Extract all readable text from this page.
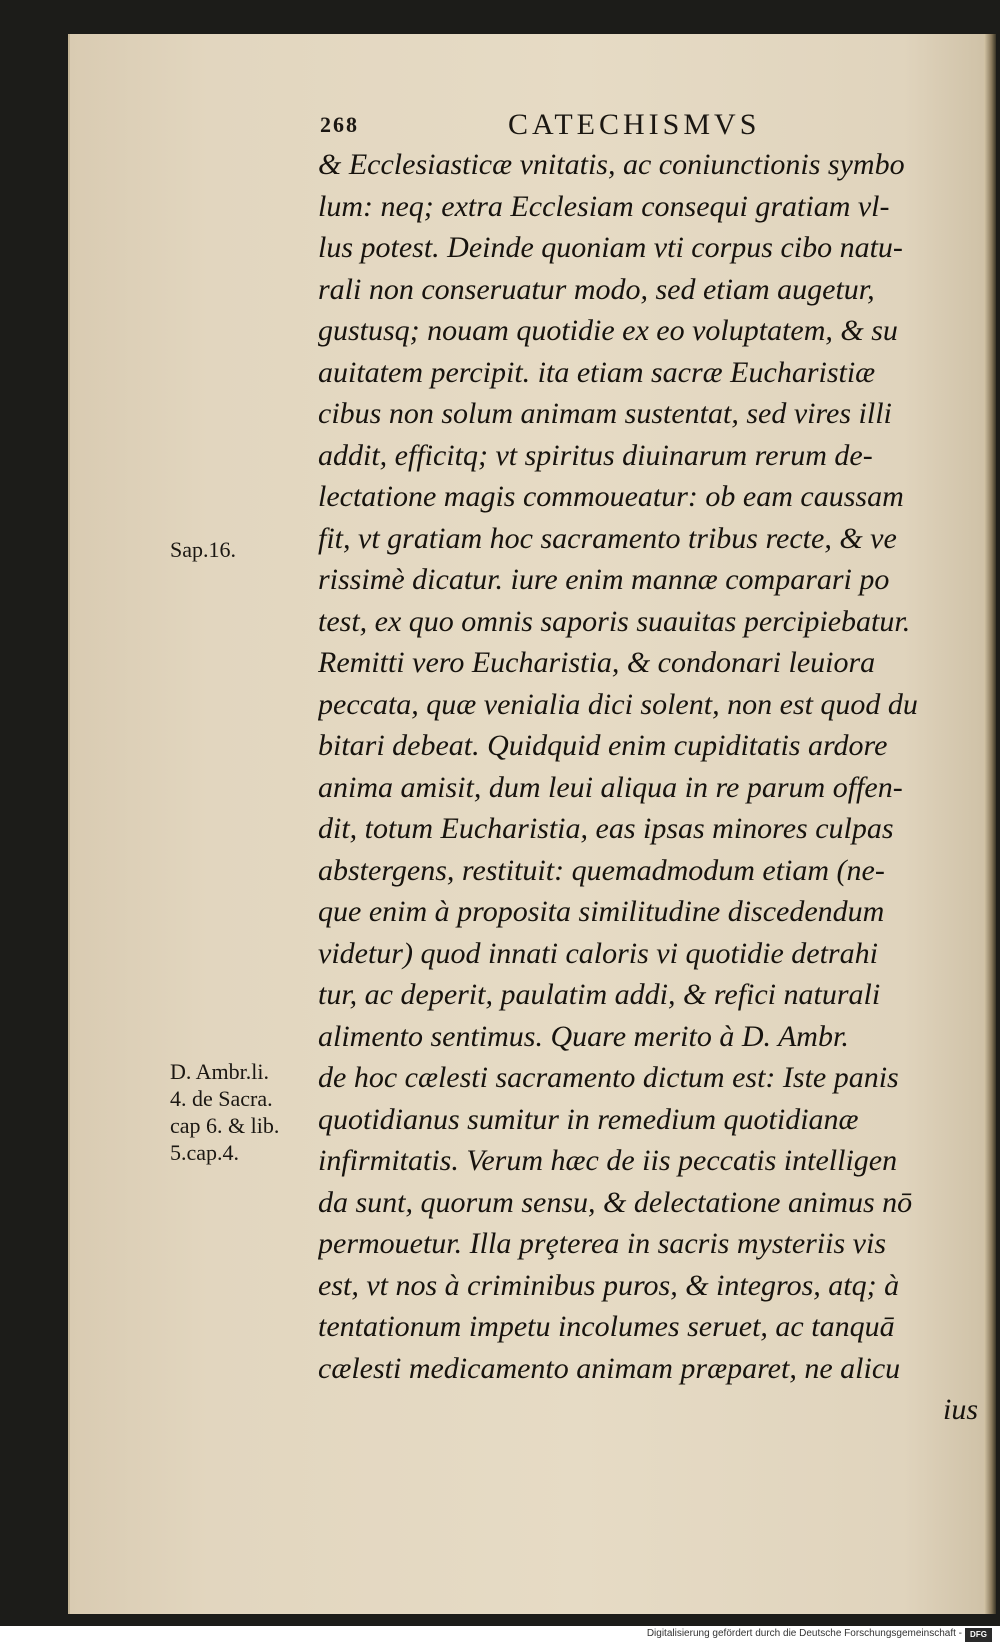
268	CATECHISMVS
& Ecclesiasticæ vnitatis, ac coniunctionis symbo
lum: neq; extra Ecclesiam consequi gratiam vl-
lus potest. Deinde quoniam vti corpus cibo natu-
rali non conseruatur modo, sed etiam augetur,
gustusq; nouam quotidie ex eo voluptatem, & su
auitatem percipit. ita etiam sacræ Eucharistiæ
cibus non solum animam sustentat, sed vires illi
addit, efficitq; vt spiritus diuinarum rerum de-
lectatione magis commoueatur: ob eam caussam
fit, vt gratiam hoc sacramento tribus recte, & ve
rissimè dicatur. iure enim mannæ comparari po
test, ex quo omnis saporis suauitas percipiebatur.
Remitti vero Eucharistia, & condonari leuiora
peccata, quæ venialia dici solent, non est quod du
bitari debeat. Quidquid enim cupiditatis ardore
anima amisit, dum leui aliqua in re parum offen-
dit, totum Eucharistia, eas ipsas minores culpas
abstergens, restituit: quemadmodum etiam (ne-
que enim à proposita similitudine discedendum
videtur) quod innati caloris vi quotidie detrahi
tur, ac deperit, paulatim addi, & refici naturali
alimento sentimus. Quare merito à D. Ambr.
de hoc cælesti sacramento dictum est: Iste panis
quotidianus sumitur in remedium quotidianæ
infirmitatis. Verum hæc de iis peccatis intelligen
da sunt, quorum sensu, & delectatione animus nō
permouetur. Illa prȩterea in sacris mysteriis vis
est, vt nos à criminibus puros, & integros, atq; à
tentationum impetu incolumes seruet, ac tanquā
cælesti medicamento animam præparet, ne alicu
ius
Sap.16.
D. Ambr.li.
4. de Sacra.
cap 6. & lib.
5.cap.4.
Digitalisierung gefördert durch die Deutsche Forschungsgemeinschaft -	DFG
